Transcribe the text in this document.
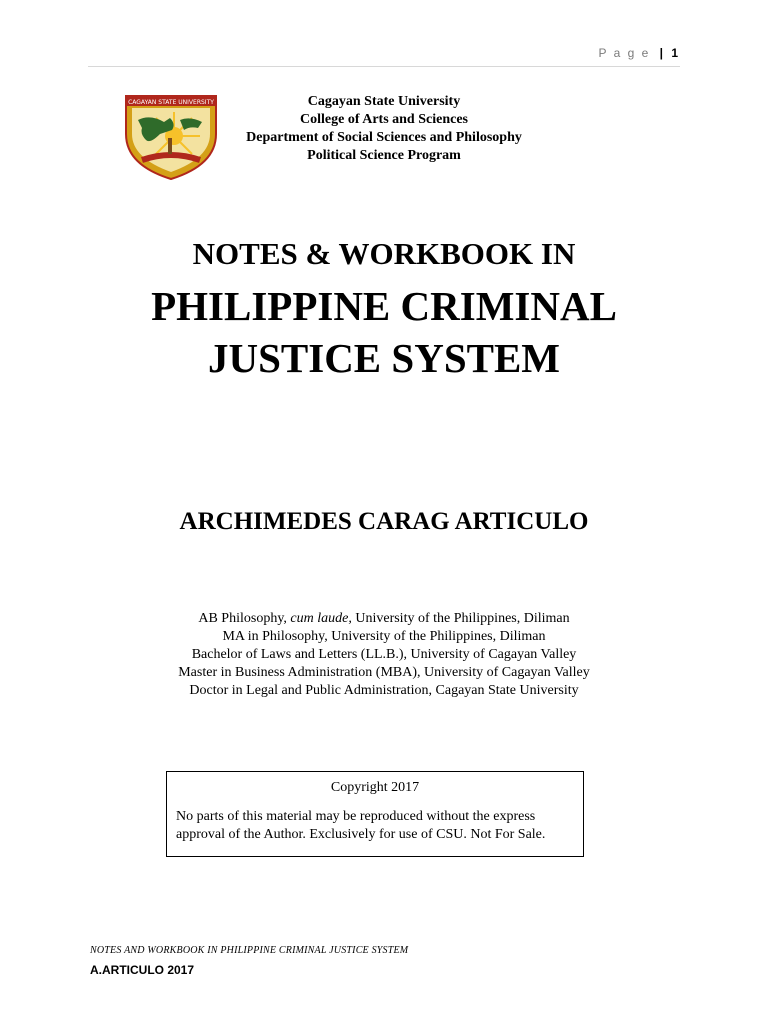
P a g e | 1
CAGAYAN STATE UNIVERSITY	Cagayan State University
College of Arts and Sciences
Department of Social Sciences and Philosophy
Political Science Program
NOTES & WORKBOOK IN
PHILIPPINE CRIMINAL
JUSTICE SYSTEM
ARCHIMEDES CARAG ARTICULO
AB Philosophy, cum laude, University of the Philippines, Diliman
MA in Philosophy, University of the Philippines, Diliman
Bachelor of Laws and Letters (LL.B.), University of Cagayan Valley
Master in Business Administration (MBA), University of Cagayan Valley
Doctor in Legal and Public Administration, Cagayan State University
Copyright 2017
No parts of this material may be reproduced without the express
approval of the Author. Exclusively for use of CSU. Not For Sale.
NOTES AND WORKBOOK IN PHILIPPINE CRIMINAL JUSTICE SYSTEM
A.ARTICULO 2017
